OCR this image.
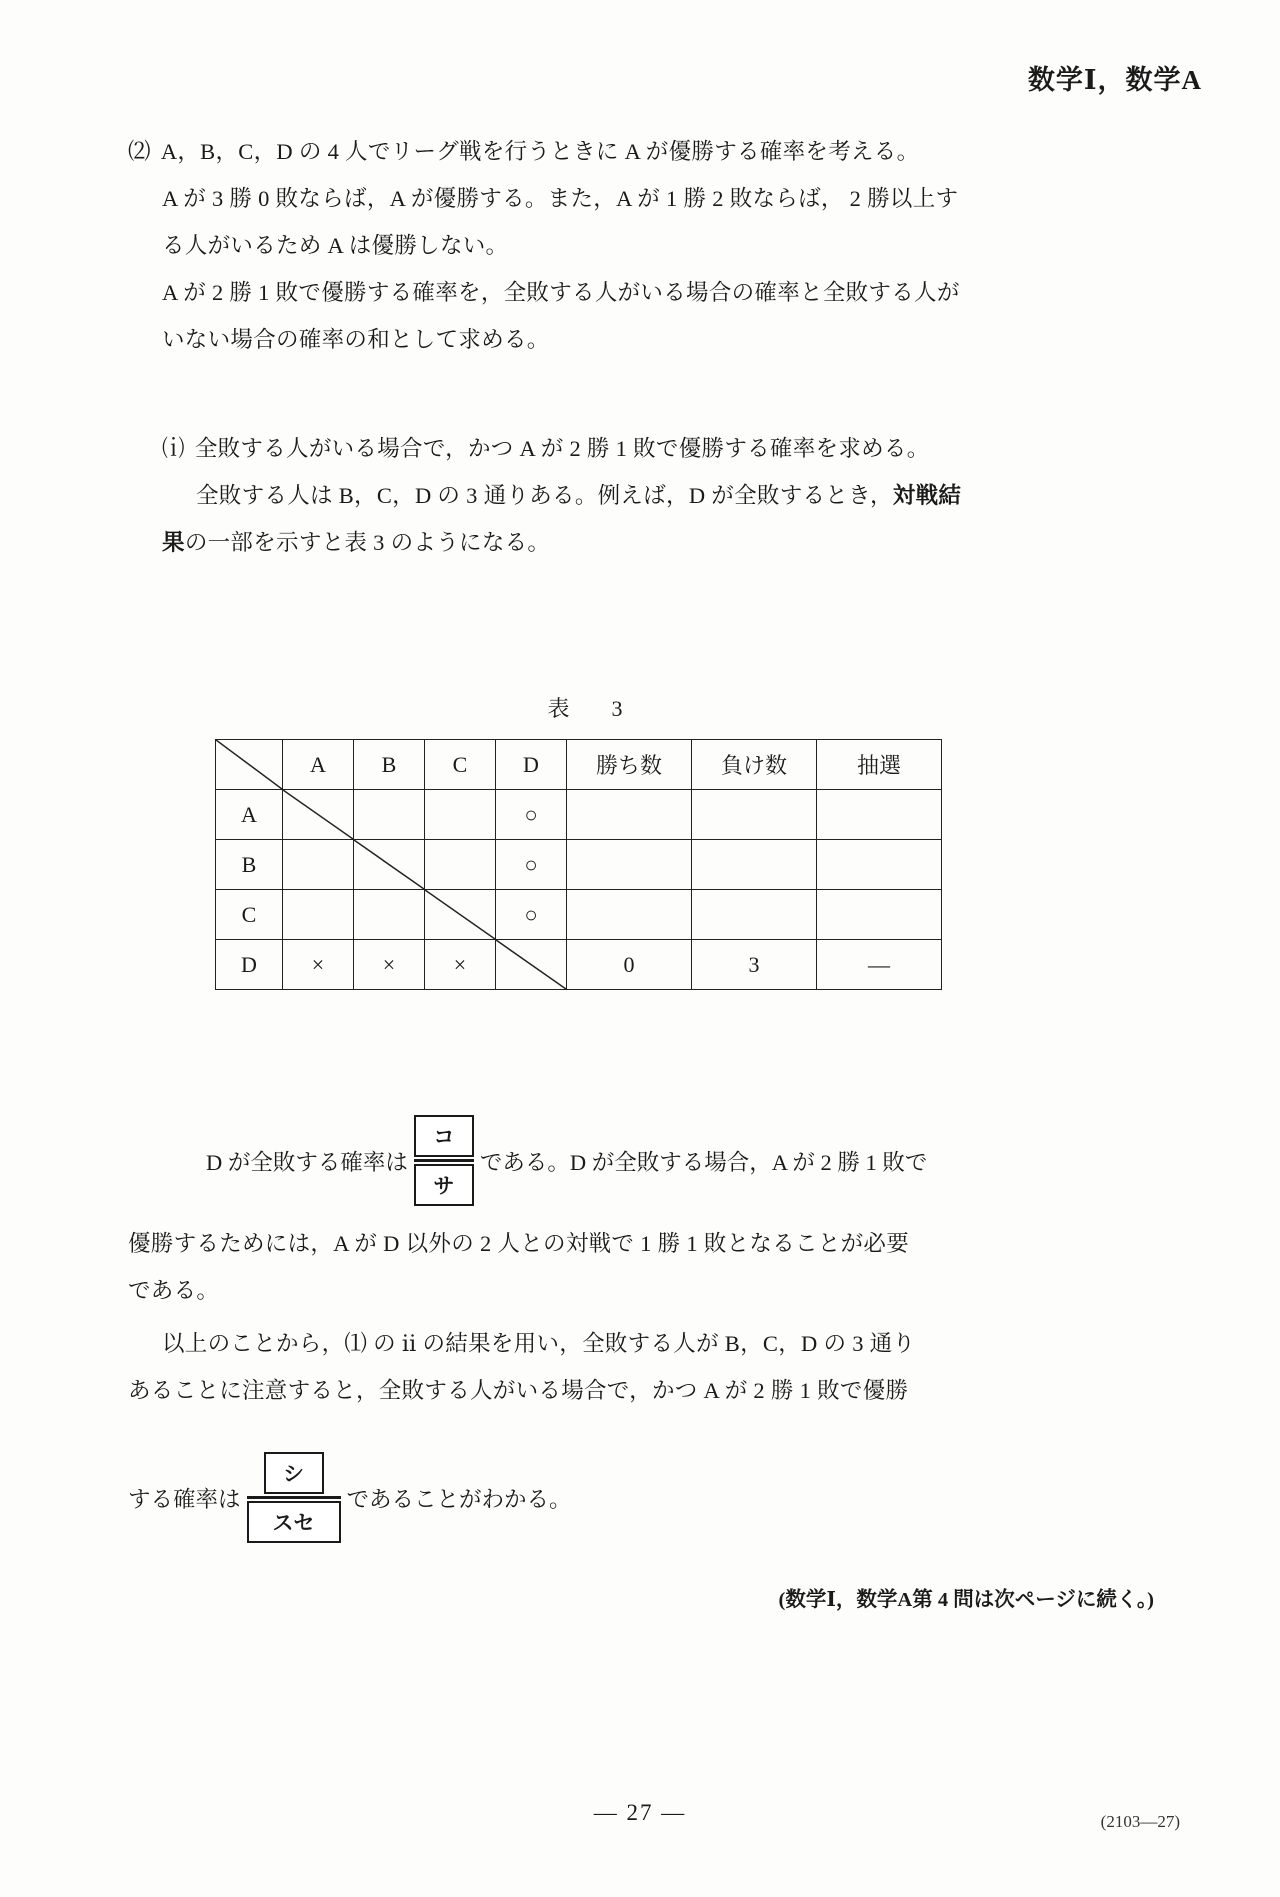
数学Ⅰ，数学A
⑵ A，B，C，D の 4 人でリーグ戦を行うときに A が優勝する確率を考える。
A が 3 勝 0 敗ならば，A が優勝する。また，A が 1 勝 2 敗ならば， 2 勝以上す
る人がいるため A は優勝しない。
A が 2 勝 1 敗で優勝する確率を，全敗する人がいる場合の確率と全敗する人が
いない場合の確率の和として求める。
⒤ 全敗する人がいる場合で，かつ A が 2 勝 1 敗で優勝する確率を求める。
全敗する人は B，C，D の 3 通りある。例えば，D が全敗するとき，対戦結
果の一部を示すと表 3 のようになる。
表　3
	A	B	C	D	勝ち数	負け数	抽選
A				○			
B				○			
C				○			
D	×	×	×		0	3	—
D が全敗する確率は $\frac{\text{コ}}{\text{サ}}$ である。D が全敗する場合，A が 2 勝 1 敗で
優勝するためには，A が D 以外の 2 人との対戦で 1 勝 1 敗となることが必要
である。
以上のことから，⑴ の ⅱ の結果を用い，全敗する人が B，C，D の 3 通り
あることに注意すると，全敗する人がいる場合で，かつ A が 2 勝 1 敗で優勝
する確率は $\frac{\text{シ}}{\text{スセ}}$ であることがわかる。
(数学Ⅰ，数学A第 4 問は次ページに続く。)
— 27 —	(2103—27)
